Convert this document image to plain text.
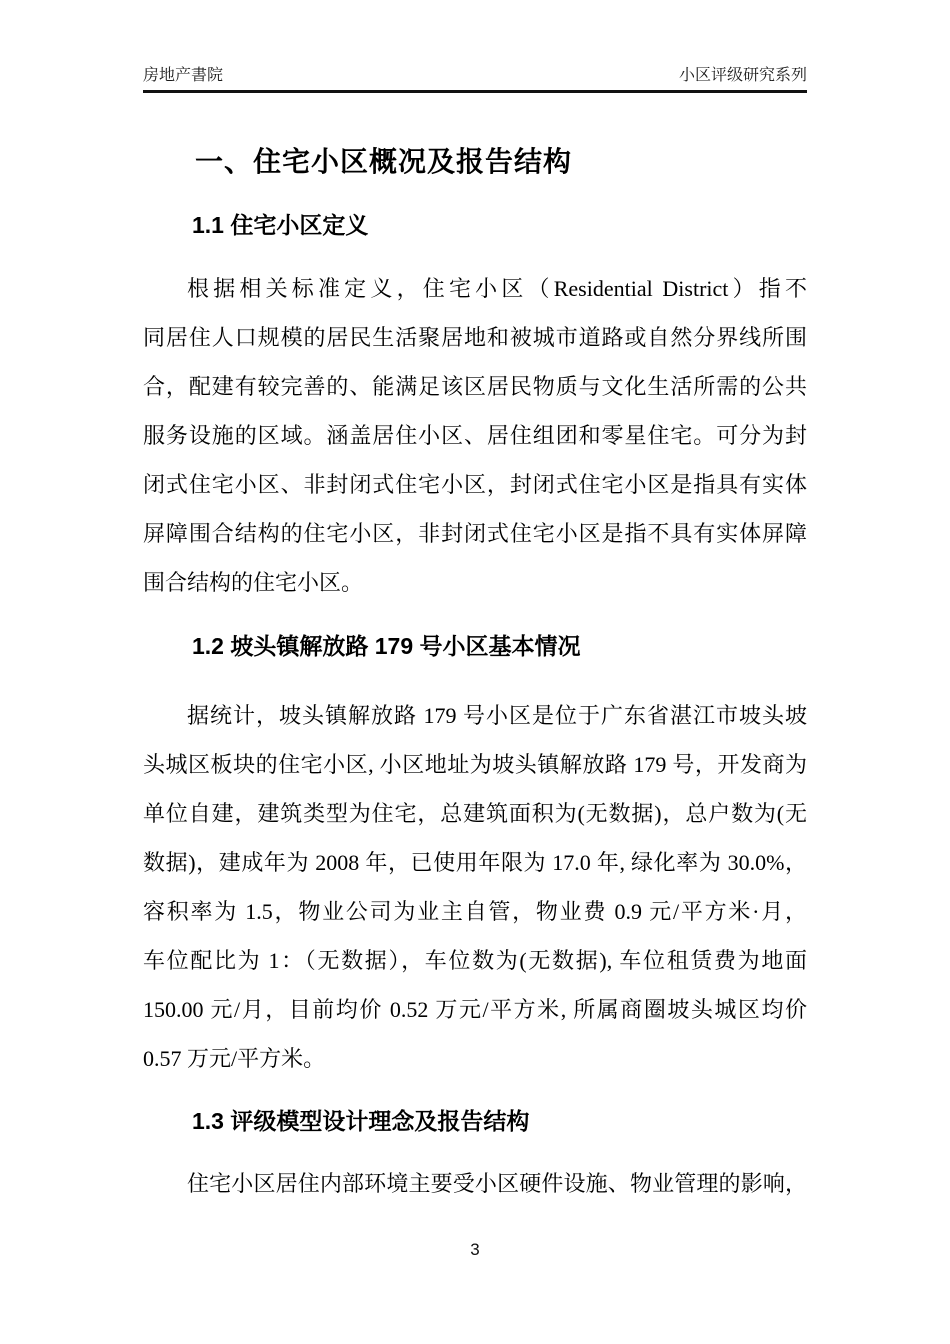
房地产書院	小区评级研究系列
一、住宅小区概况及报告结构
1.1 住宅小区定义
根据相关标准定义，住宅小区（Residential District）指不
同居住人口规模的居民生活聚居地和被城市道路或自然分界线所围
合，配建有较完善的、能满足该区居民物质与文化生活所需的公共
服务设施的区域。涵盖居住小区、居住组团和零星住宅。可分为封
闭式住宅小区、非封闭式住宅小区，封闭式住宅小区是指具有实体
屏障围合结构的住宅小区，非封闭式住宅小区是指不具有实体屏障
围合结构的住宅小区。
1.2 坡头镇解放路 179 号小区基本情况
据统计，坡头镇解放路 179 号小区是位于广东省湛江市坡头坡
头城区板块的住宅小区, 小区地址为坡头镇解放路 179 号，开发商为
单位自建，建筑类型为住宅，总建筑面积为(无数据)，总户数为(无
数据)，建成年为 2008 年，已使用年限为 17.0 年, 绿化率为 30.0%，
容积率为 1.5，物业公司为业主自管，物业费 0.9 元/平方米·月，
车位配比为 1：（无数据），车位数为(无数据), 车位租赁费为地面
150.00 元/月，目前均价 0.52 万元/平方米, 所属商圈坡头城区均价
0.57 万元/平方米。
1.3 评级模型设计理念及报告结构
住宅小区居住内部环境主要受小区硬件设施、物业管理的影响，
3
